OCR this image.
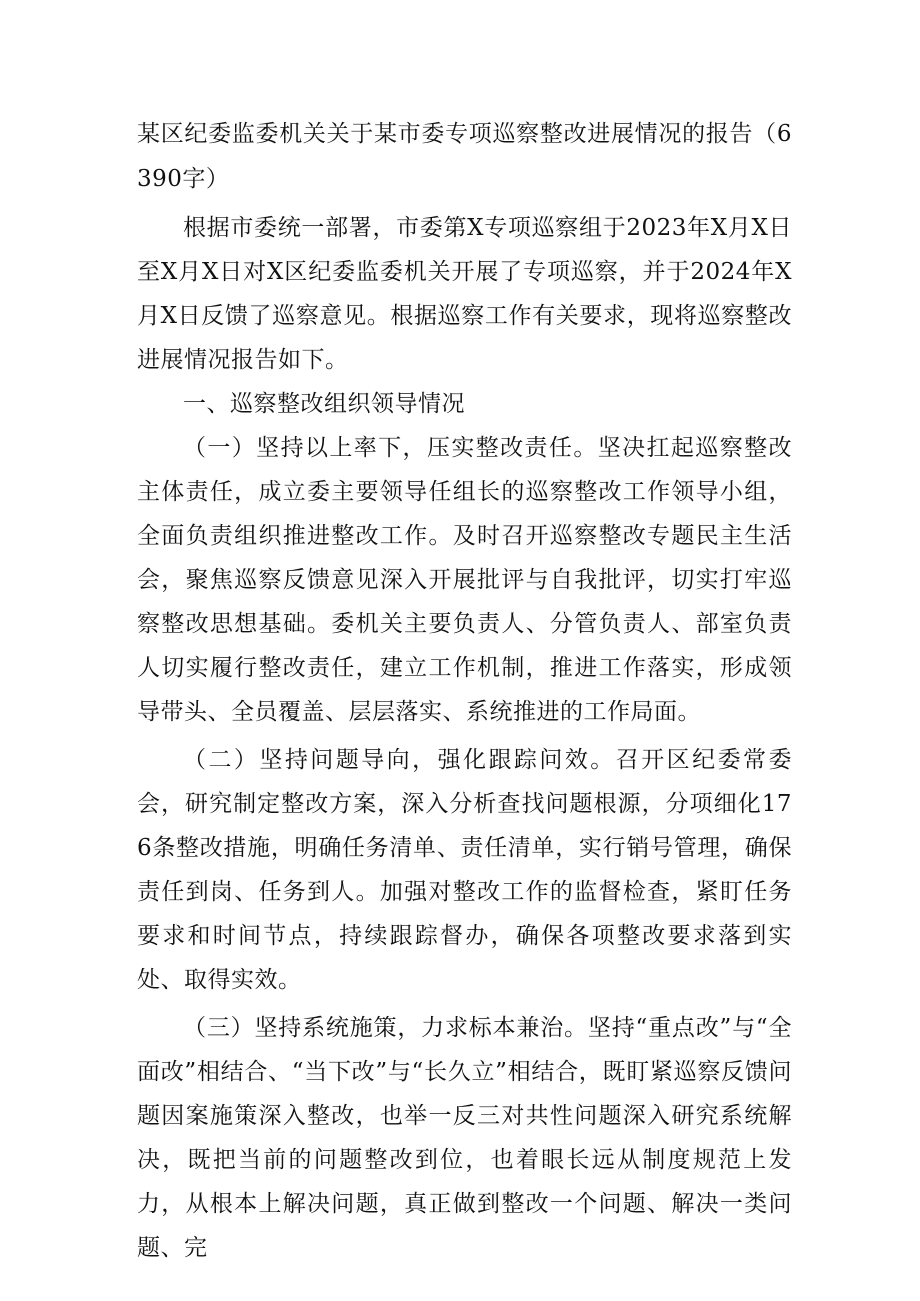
某区纪委监委机关关于某市委专项巡察整改进展情况的报告（6390字）

根据市委统一部署，市委第X专项巡察组于2023年X月X日至X月X日对X区纪委监委机关开展了专项巡察，并于2024年X月X日反馈了巡察意见。根据巡察工作有关要求，现将巡察整改进展情况报告如下。

一、巡察整改组织领导情况

（一）坚持以上率下，压实整改责任。坚决扛起巡察整改主体责任，成立委主要领导任组长的巡察整改工作领导小组，全面负责组织推进整改工作。及时召开巡察整改专题民主生活会，聚焦巡察反馈意见深入开展批评与自我批评，切实打牢巡察整改思想基础。委机关主要负责人、分管负责人、部室负责人切实履行整改责任，建立工作机制，推进工作落实，形成领导带头、全员覆盖、层层落实、系统推进的工作局面。

（二）坚持问题导向，强化跟踪问效。召开区纪委常委会，研究制定整改方案，深入分析查找问题根源，分项细化176条整改措施，明确任务清单、责任清单，实行销号管理，确保责任到岗、任务到人。加强对整改工作的监督检查，紧盯任务要求和时间节点，持续跟踪督办，确保各项整改要求落到实处、取得实效。

（三）坚持系统施策，力求标本兼治。坚持“重点改”与“全面改”相结合、“当下改”与“长久立”相结合，既盯紧巡察反馈问题因案施策深入整改，也举一反三对共性问题深入研究系统解决，既把当前的问题整改到位，也着眼长远从制度规范上发力，从根本上解决问题，真正做到整改一个问题、解决一类问题、完
